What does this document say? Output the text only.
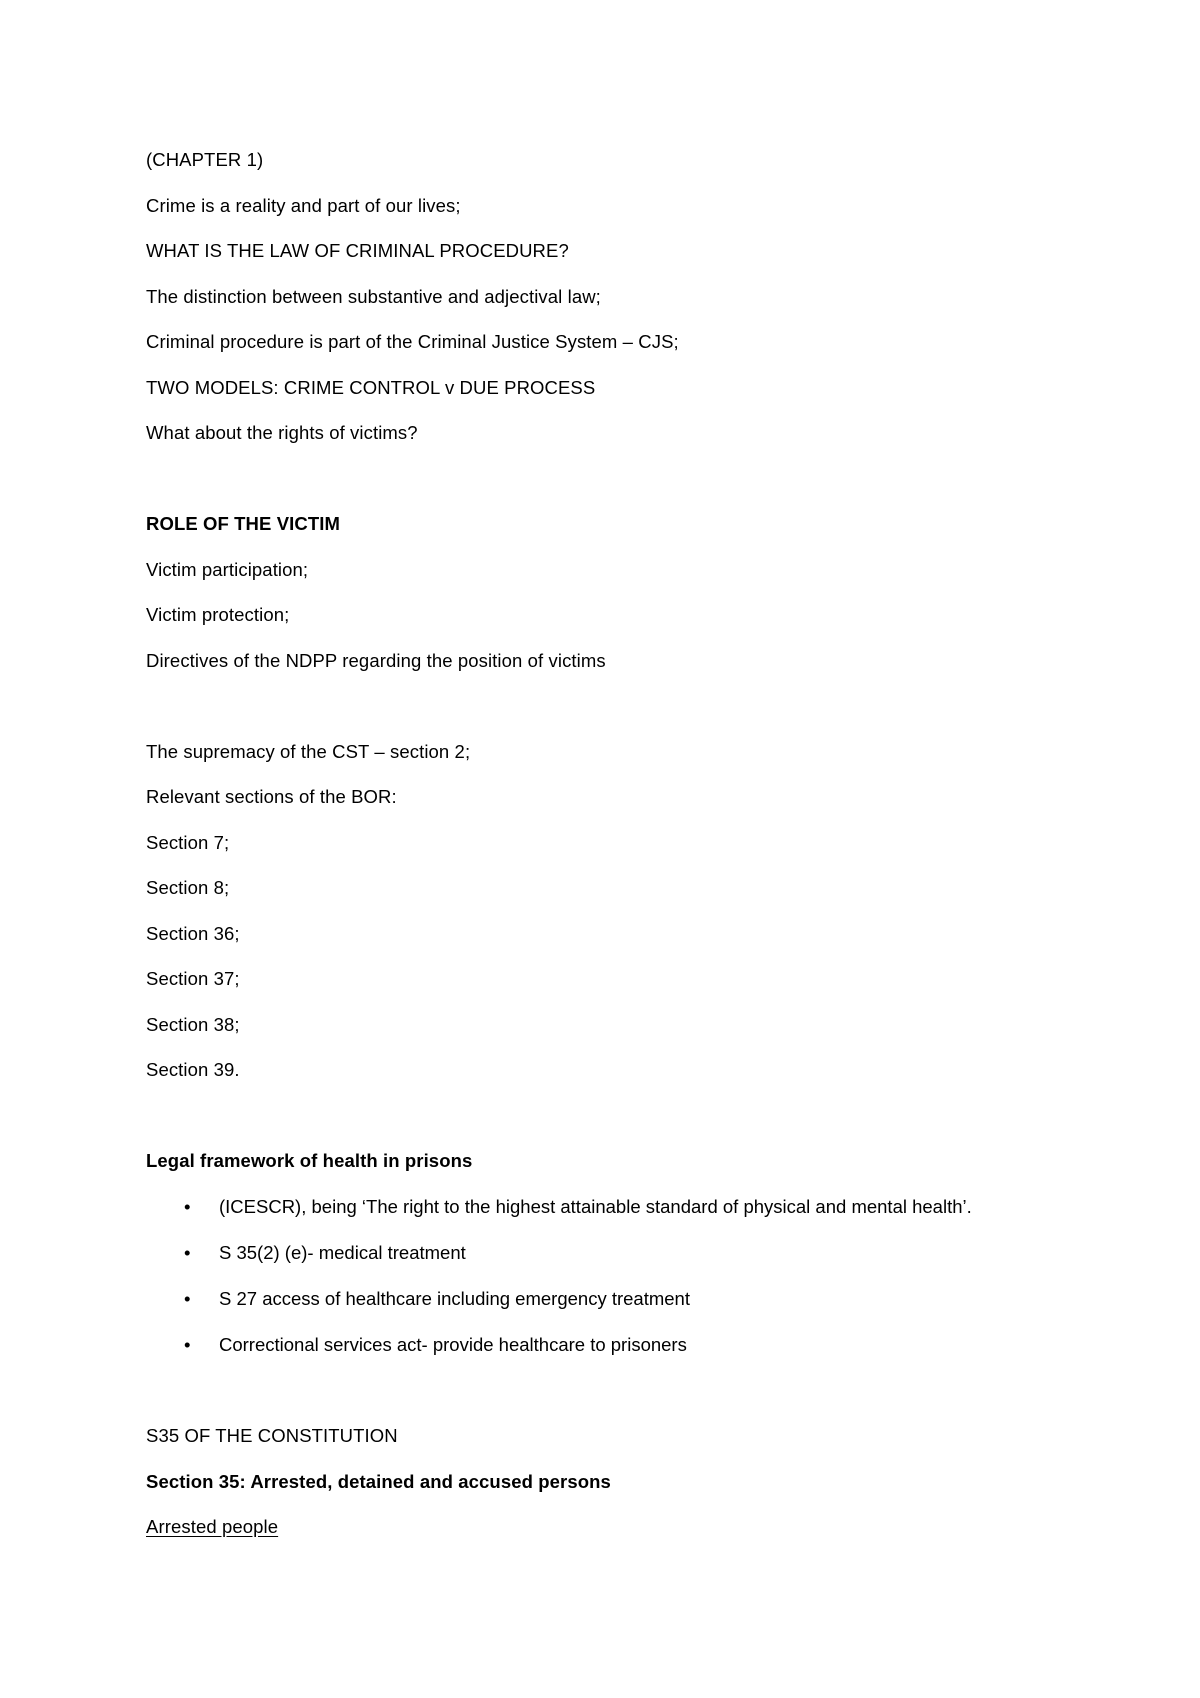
(CHAPTER 1)
Crime is a reality and part of our lives;
WHAT IS THE LAW OF CRIMINAL PROCEDURE?
The distinction between substantive and adjectival law;
Criminal procedure is part of the Criminal Justice System – CJS;
TWO MODELS: CRIME CONTROL v DUE PROCESS
What about the rights of victims?
ROLE OF THE VICTIM
Victim participation;
Victim protection;
Directives of the NDPP regarding the position of victims
The supremacy of the CST – section 2;
Relevant sections of the BOR:
Section 7;
Section 8;
Section 36;
Section 37;
Section 38;
Section 39.
Legal framework of health in prisons
•	(ICESCR), being ‘The right to the highest attainable standard of physical and mental health’.
•	S 35(2) (e)- medical treatment
•	S 27 access of healthcare including emergency treatment
•	Correctional services act- provide healthcare to prisoners
S35 OF THE CONSTITUTION
Section 35: Arrested, detained and accused persons
Arrested people
